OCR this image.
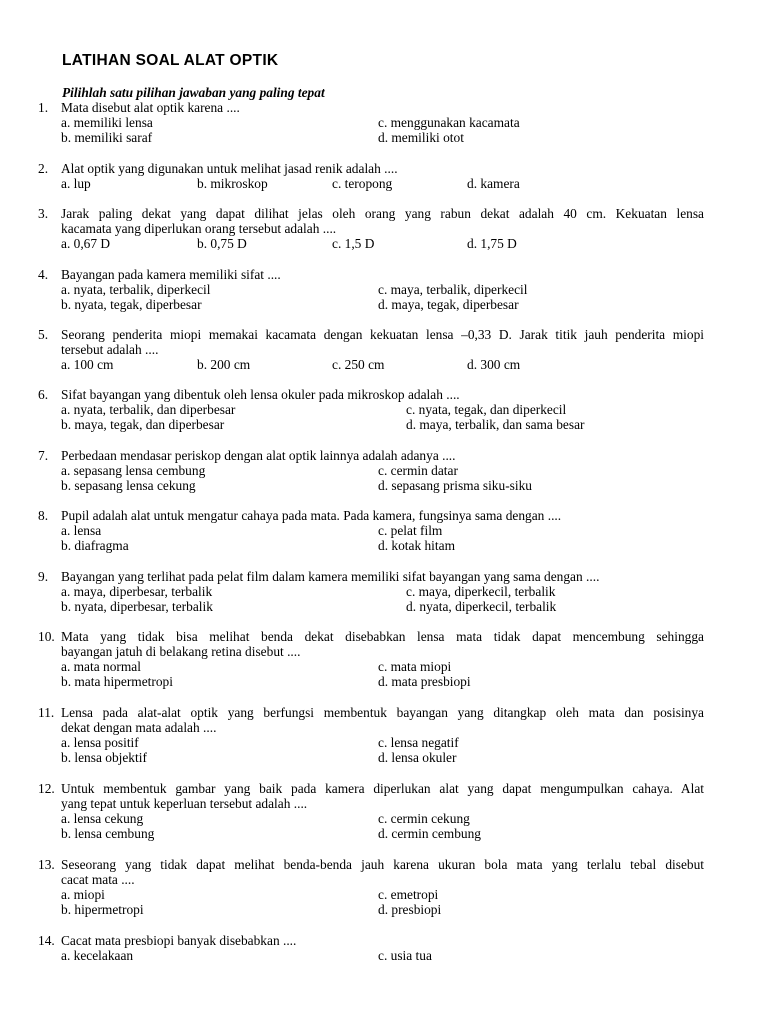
LATIHAN SOAL ALAT OPTIK
Pilihlah satu pilihan jawaban yang paling tepat
1. Mata disebut alat optik karena ....

a. memiliki lensa	c. menggunakan kacamata
b. memiliki saraf	d. memiliki otot
2. Alat optik yang digunakan untuk melihat jasad renik adalah ....

a. lup	b. mikroskop	c. teropong	d. kamera
3. Jarak paling dekat yang dapat dilihat jelas oleh orang yang rabun dekat adalah 40 cm. Kekuatan lensa

kacamata yang diperlukan orang tersebut adalah ....

a. 0,67 D	b. 0,75 D	c. 1,5 D	d. 1,75 D
4. Bayangan pada kamera memiliki sifat ....

a. nyata, terbalik, diperkecil	c. maya, terbalik, diperkecil
b. nyata, tegak, diperbesar	d. maya, tegak, diperbesar
5. Seorang penderita miopi memakai kacamata dengan kekuatan lensa –0,33 D. Jarak titik jauh penderita miopi

tersebut adalah ....

a. 100 cm	b. 200 cm	c. 250 cm	d. 300 cm
6. Sifat bayangan yang dibentuk oleh lensa okuler pada mikroskop adalah ....

a. nyata, terbalik, dan diperbesar	c. nyata, tegak, dan diperkecil
b. maya, tegak, dan diperbesar	d. maya, terbalik, dan sama besar
7. Perbedaan mendasar periskop dengan alat optik lainnya adalah adanya ....

a. sepasang lensa cembung	c. cermin datar
b. sepasang lensa cekung	d. sepasang prisma siku-siku
8. Pupil adalah alat untuk mengatur cahaya pada mata. Pada kamera, fungsinya sama dengan ....

a. lensa	c. pelat film
b. diafragma	d. kotak hitam
9. Bayangan yang terlihat pada pelat film dalam kamera memiliki sifat bayangan yang sama dengan ....

a. maya, diperbesar, terbalik	c. maya, diperkecil, terbalik
b. nyata, diperbesar, terbalik	d. nyata, diperkecil, terbalik
10. Mata yang tidak bisa melihat benda dekat disebabkan lensa mata tidak dapat mencembung sehingga

bayangan jatuh di belakang retina disebut ....

a. mata normal	c. mata miopi
b. mata hipermetropi	d. mata presbiopi
11. Lensa pada alat-alat optik yang berfungsi membentuk bayangan yang ditangkap oleh mata dan posisinya

dekat dengan mata adalah ....

a. lensa positif	c. lensa negatif
b. lensa objektif	d. lensa okuler
12. Untuk membentuk gambar yang baik pada kamera diperlukan alat yang dapat mengumpulkan cahaya. Alat

yang tepat untuk keperluan tersebut adalah ....

a. lensa cekung	c. cermin cekung
b. lensa cembung	d. cermin cembung
13. Seseorang yang tidak dapat melihat benda-benda jauh karena ukuran bola mata yang terlalu tebal disebut

cacat mata ....

a. miopi	c. emetropi
b. hipermetropi	d. presbiopi
14. Cacat mata presbiopi banyak disebabkan ....

a. kecelakaan	c. usia tua
